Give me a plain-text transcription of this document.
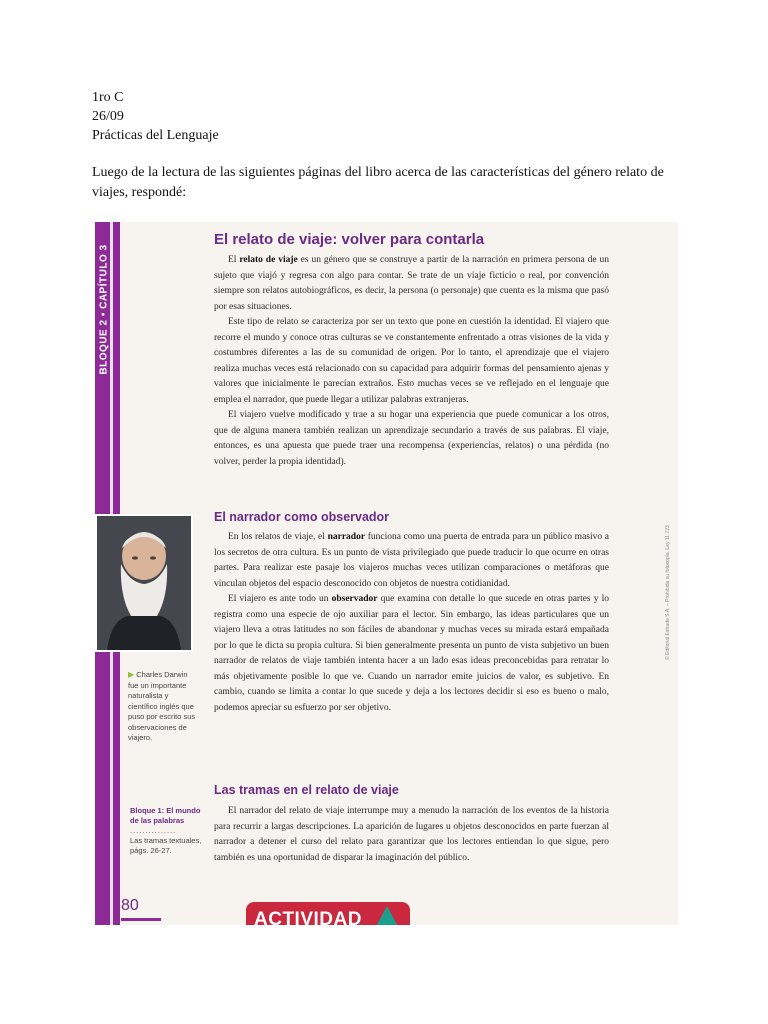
1ro C
26/09
Prácticas del Lenguaje
Luego de la lectura de las siguientes páginas del libro acerca de las características del género relato de viajes, respondé:
BLOQUE 2 • CAPÍTULO 3
El relato de viaje: volver para contarla

El relato de viaje es un género que se construye a partir de la narración en primera persona de un sujeto que viajó y regresa con algo para contar. Se trate de un viaje ficticio o real, por convención siempre son relatos autobiográficos, es decir, la persona (o personaje) que cuenta es la misma que pasó por esas situaciones.

Este tipo de relato se caracteriza por ser un texto que pone en cuestión la identidad. El viajero que recorre el mundo y conoce otras culturas se ve constantemente enfrentado a otras visiones de la vida y costumbres diferentes a las de su comunidad de origen. Por lo tanto, el aprendizaje que el viajero realiza muchas veces está relacionado con su capacidad para adquirir formas del pensamiento ajenas y valores que inicialmente le parecían extraños. Esto muchas veces se ve reflejado en el lenguaje que emplea el narrador, que puede llegar a utilizar palabras extranjeras.

El viajero vuelve modificado y trae a su hogar una experiencia que puede comunicar a los otros, que de alguna manera también realizan un aprendizaje secundario a través de sus palabras. El viaje, entonces, es una apuesta que puede traer una recompensa (experiencias, relatos) o una pérdida (no volver, perder la propia identidad).

El narrador como observador

En los relatos de viaje, el narrador funciona como una puerta de entrada para un público masivo a los secretos de otra cultura. Es un punto de vista privilegiado que puede traducir lo que ocurre en otras partes. Para realizar este pasaje los viajeros muchas veces utilizan comparaciones o metáforas que vinculan objetos del espacio desconocido con objetos de nuestra cotidianidad.

El viajero es ante todo un observador que examina con detalle lo que sucede en otras partes y lo registra como una especie de ojo auxiliar para el lector. Sin embargo, las ideas particulares que un viajero lleva a otras latitudes no son fáciles de abandonar y muchas veces su mirada estará empañada por lo que le dicta su propia cultura. Si bien generalmente presenta un punto de vista subjetivo un buen narrador de relatos de viaje también intenta hacer a un lado esas ideas preconcebidas para retratar lo más objetivamente posible lo que ve. Cuando un narrador emite juicios de valor, es subjetivo. En cambio, cuando se limita a contar lo que sucede y deja a los lectores decidir si eso es bueno o malo, podemos apreciar su esfuerzo por ser objetivo.

Las tramas en el relato de viaje

El narrador del relato de viaje interrumpe muy a menudo la narración de los eventos de la historia para recurrir a largas descripciones. La aparición de lugares u objetos desconocidos en parte fuerzan al narrador a detener el curso del relato para garantizar que los lectores entiendan lo que sigue, pero también es una oportunidad de disparar la imaginación del público.

▶ Charles Darwin fue un importante naturalista y científico inglés que puso por escrito sus observaciones de viajero.
Bloque 1: El mundo de las palabras
...............
Las tramas textuales, págs. 26-27.
80
© Editorial Estrada S.A. – Prohibida su fotocopia. Ley 11.723
ACTIVIDAD
